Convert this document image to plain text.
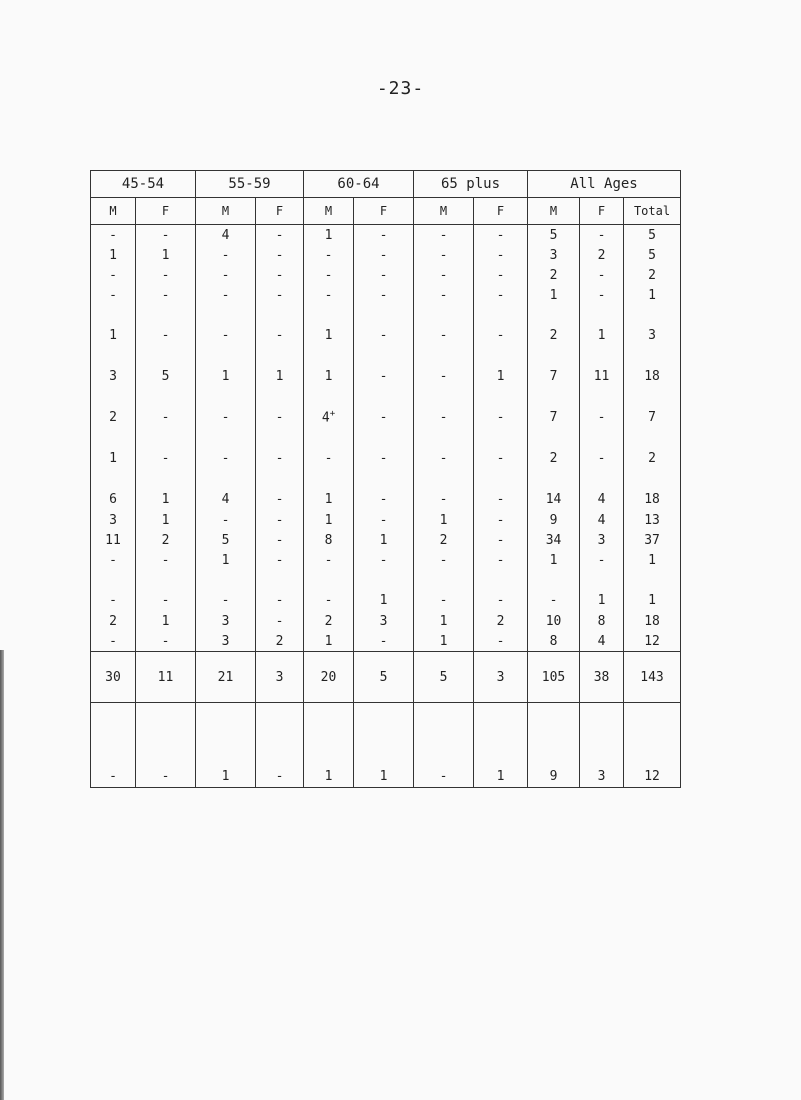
-23-
45-54		55-59		60-64		65 plus		All Ages		
M	F	M	F	M	F	M	F	M	F	Total
-	-	4	-	1	-	-	-	5	-	5
1	1	-	-	-	-	-	-	3	2	5
-	-	-	-	-	-	-	-	2	-	2
-	-	-	-	-	-	-	-	1	-	1
1	-	-	-	1	-	-	-	2	1	3
3	5	1	1	1	-	-	1	7	11	18
2	-	-	-	4+	-	-	-	7	-	7
1	-	-	-	-	-	-	-	2	-	2
6	1	4	-	1	-	-	-	14	4	18
3	1	-	-	1	-	1	-	9	4	13
11	2	5	-	8	1	2	-	34	3	37
-	-	1	-	-	-	-	-	1	-	1
-	-	-	-	-	1	-	-	-	1	1
2	1	3	-	2	3	1	2	10	8	18
-	-	3	2	1	-	1	-	8	4	12
30	11	21	3	20	5	5	3	105	38	143

-	-	1	-	1	1	-	1	9	3	12
